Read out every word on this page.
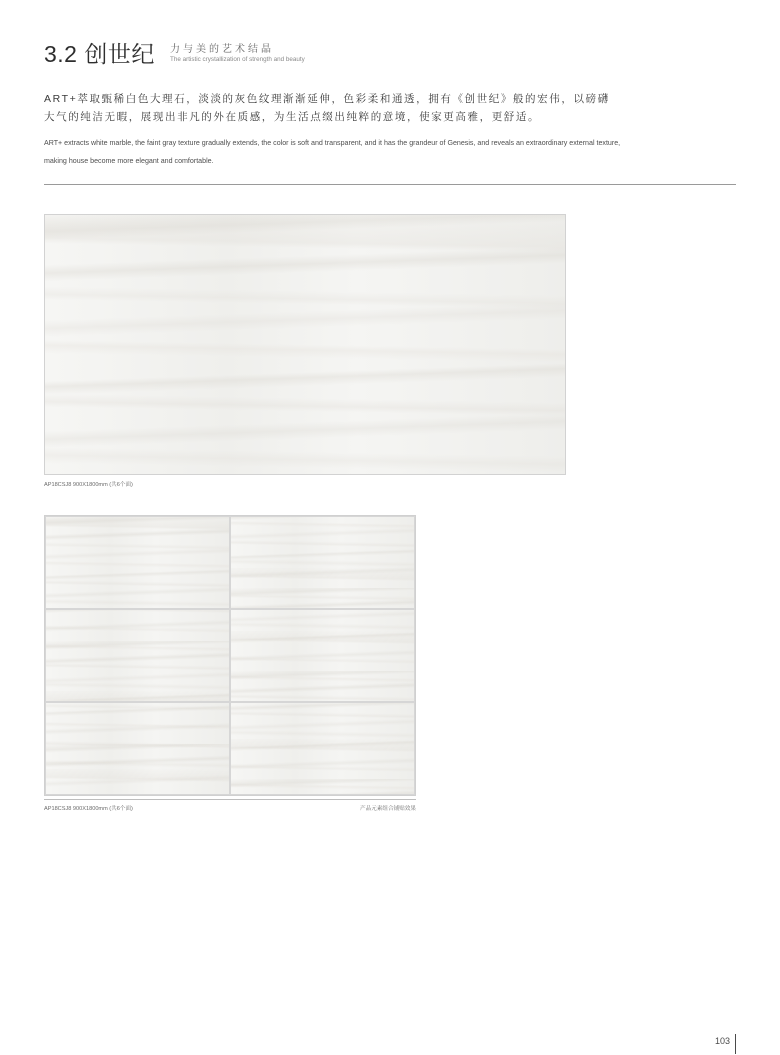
3.2 创世纪 力与美的艺术结晶
The artistic crystallization of strength and beauty
ART+萃取甄稀白色大理石，淡淡的灰色纹理渐渐延伸，色彩柔和通透，拥有《创世纪》般的宏伟，以磅礴大气的纯洁无暇，展现出非凡的外在质感，为生活点缀出纯粹的意境，使家更高雅，更舒适。
ART+ extracts white marble, the faint gray texture gradually extends, the color is soft and transparent, and it has the grandeur of Genesis, and reveals an extraordinary external texture, making house become more elegant and comfortable.
AP18CSJ8 900X1800mm (共6个面)
AP18CSJ8 900X1800mm (共6个面)	产品元素组合铺贴效果
103
